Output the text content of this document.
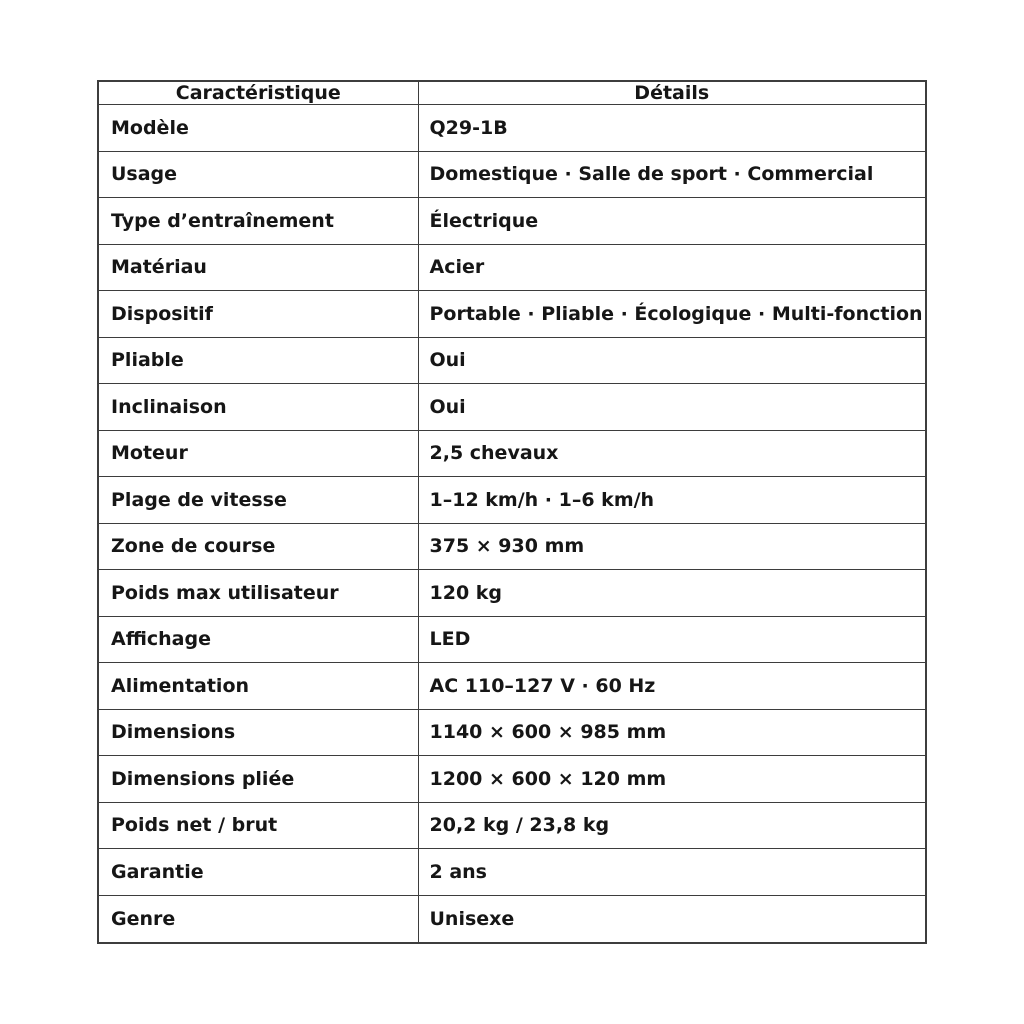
Caractéristique	Détails
Modèle	Q29-1B
Usage	Domestique · Salle de sport · Commercial
Type d’entraînement	Électrique
Matériau	Acier
Dispositif	Portable · Pliable · Écologique · Multi-fonction
Pliable	Oui
Inclinaison	Oui
Moteur	2,5 chevaux
Plage de vitesse	1–12 km/h · 1–6 km/h
Zone de course	375 × 930 mm
Poids max utilisateur	120 kg
Affichage	LED
Alimentation	AC 110–127 V · 60 Hz
Dimensions	1140 × 600 × 985 mm
Dimensions pliée	1200 × 600 × 120 mm
Poids net / brut	20,2 kg / 23,8 kg
Garantie	2 ans
Genre	Unisexe
